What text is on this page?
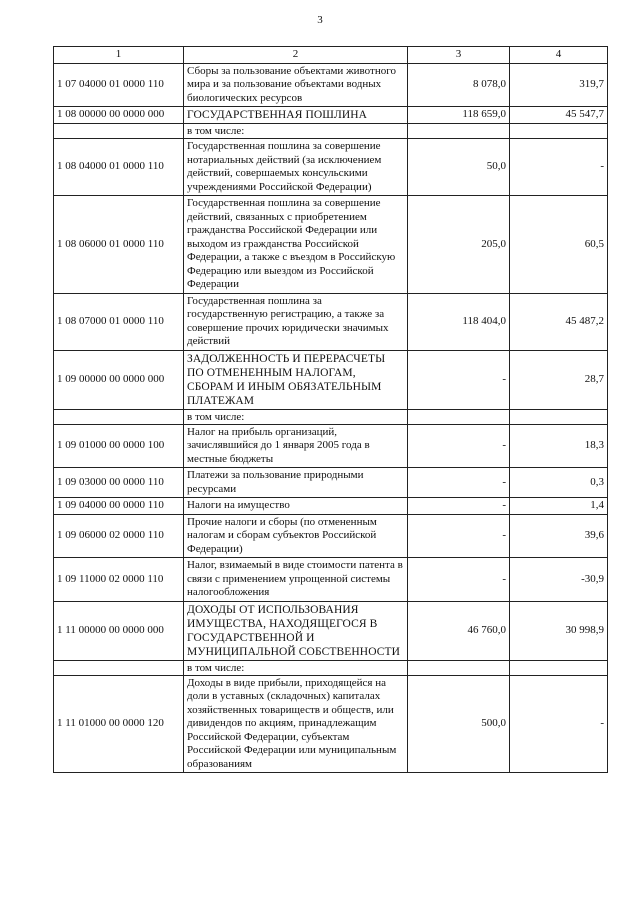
3
1	2	3	4
1 07 04000 01 0000 110	Сборы за пользование объектами животного мира и за пользование объектами водных биологических ресурсов	8 078,0	319,7
1 08 00000 00 0000 000	ГОСУДАРСТВЕННАЯ ПОШЛИНА	118 659,0	45 547,7
	в том числе:		
1 08 04000 01 0000 110	Государственная пошлина за совершение нотариальных действий (за исключением действий, совершаемых консульскими учреждениями Российской Федерации)	50,0	-
1 08 06000 01 0000 110	Государственная пошлина за совершение действий, связанных с приобретением гражданства Российской Федерации или выходом из гражданства Российской Федерации, а также с въездом в Российскую Федерацию или выездом из Российской Федерации	205,0	60,5
1 08 07000 01 0000 110	Государственная пошлина за государственную регистрацию, а также за совершение прочих юридически значимых действий	118 404,0	45 487,2
1 09 00000 00 0000 000	ЗАДОЛЖЕННОСТЬ И ПЕРЕРАСЧЕТЫ ПО ОТМЕНЕННЫМ НАЛОГАМ, СБОРАМ И ИНЫМ ОБЯЗАТЕЛЬНЫМ ПЛАТЕЖАМ	-	28,7
	в том числе:		
1 09 01000 00 0000 100	Налог на прибыль организаций, зачислявшийся до 1 января 2005 года в местные бюджеты	-	18,3
1 09 03000 00 0000 110	Платежи за пользование природными ресурсами	-	0,3
1 09 04000 00 0000 110	Налоги на имущество	-	1,4
1 09 06000 02 0000 110	Прочие налоги и сборы (по отмененным налогам и сборам субъектов Российской Федерации)	-	39,6
1 09 11000 02 0000 110	Налог, взимаемый в виде стоимости патента в связи с применением упрощенной системы налогообложения	-	-30,9
1 11 00000 00 0000 000	ДОХОДЫ ОТ ИСПОЛЬЗОВАНИЯ ИМУЩЕСТВА, НАХОДЯЩЕГОСЯ В ГОСУДАРСТВЕННОЙ И МУНИЦИПАЛЬНОЙ СОБСТВЕННОСТИ	46 760,0	30 998,9
	в том числе:		
1 11 01000 00 0000 120	Доходы в виде прибыли, приходящейся на доли в уставных (складочных) капиталах хозяйственных товариществ и обществ, или дивидендов по акциям, принадлежащим Российской Федерации, субъектам Российской Федерации или муниципальным образованиям	500,0	-
